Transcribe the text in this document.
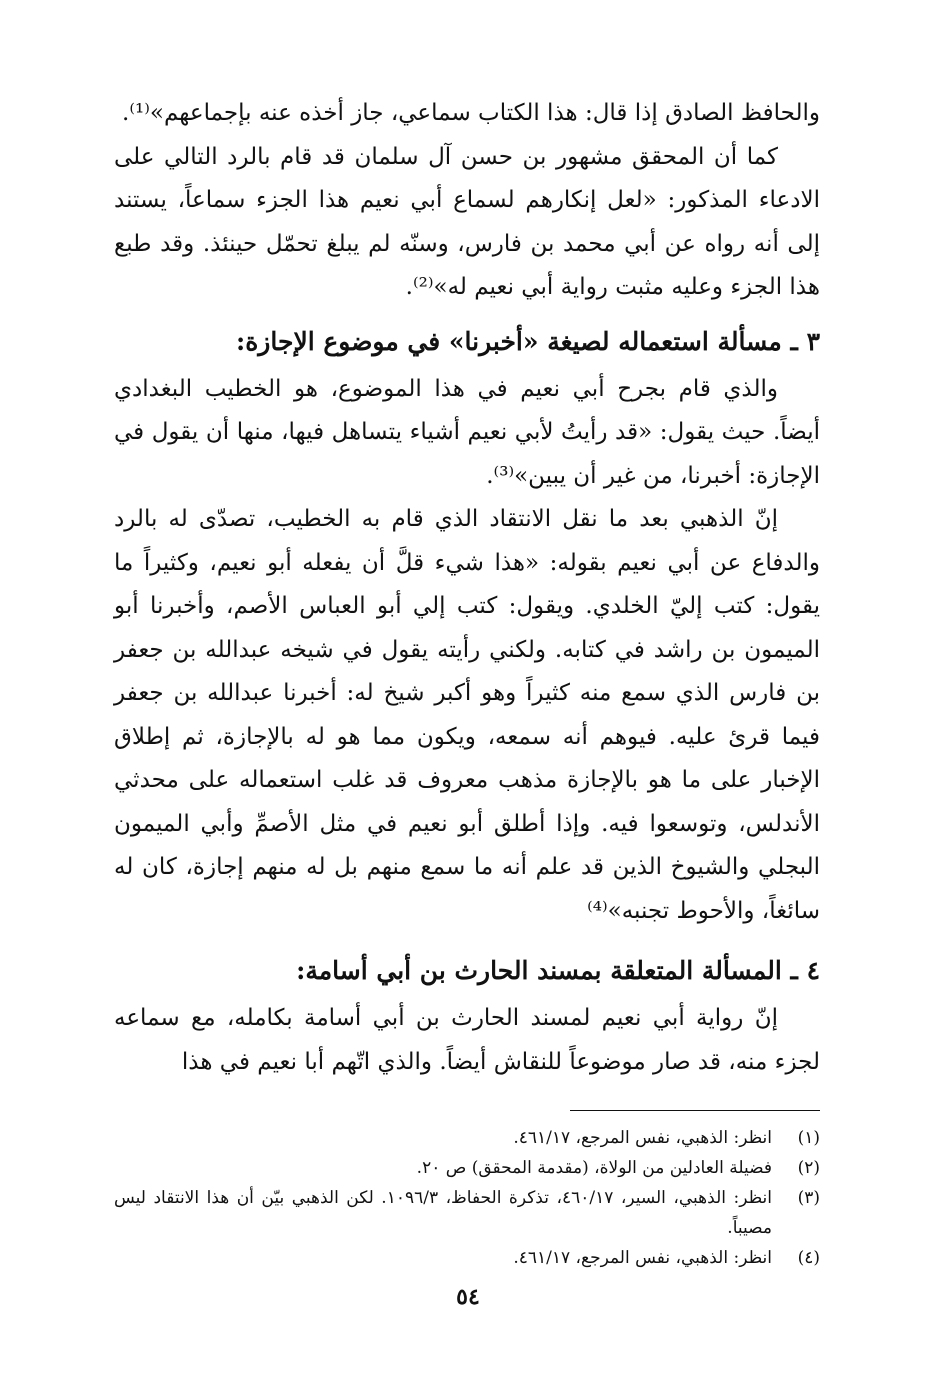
والحافظ الصادق إذا قال: هذا الكتاب سماعي، جاز أخذه عنه بإجماعهم»⁽¹⁾.

كما أن المحقق مشهور بن حسن آل سلمان قد قام بالرد التالي على الادعاء المذكور: «لعل إنكارهم لسماع أبي نعيم هذا الجزء سماعاً، يستند إلى أنه رواه عن أبي محمد بن فارس، وسنّه لم يبلغ تحمّل حينئذ. وقد طبع هذا الجزء وعليه مثبت رواية أبي نعيم له»⁽²⁾.

٣ ـ مسألة استعماله لصيغة «أخبرنا» في موضوع الإجازة:

والذي قام بجرح أبي نعيم في هذا الموضوع، هو الخطيب البغدادي أيضاً. حيث يقول: «قد رأيتُ لأبي نعيم أشياء يتساهل فيها، منها أن يقول في الإجازة: أخبرنا، من غير أن يبين»⁽³⁾.

إنّ الذهبي بعد ما نقل الانتقاد الذي قام به الخطيب، تصدّى له بالرد والدفاع عن أبي نعيم بقوله: «هذا شيء قلَّ أن يفعله أبو نعيم، وكثيراً ما يقول: كتب إليّ الخلدي. ويقول: كتب إلي أبو العباس الأصم، وأخبرنا أبو الميمون بن راشد في كتابه. ولكني رأيته يقول في شيخه عبدالله بن جعفر بن فارس الذي سمع منه كثيراً وهو أكبر شيخ له: أخبرنا عبدالله بن جعفر فيما قرئ عليه. فيوهم أنه سمعه، ويكون مما هو له بالإجازة، ثم إطلاق الإخبار على ما هو بالإجازة مذهب معروف قد غلب استعماله على محدثي الأندلس، وتوسعوا فيه. وإذا أطلق أبو نعيم في مثل الأصمِّ وأبي الميمون البجلي والشيوخ الذين قد علم أنه ما سمع منهم بل له منهم إجازة، كان له سائغاً، والأحوط تجنبه»⁽⁴⁾

٤ ـ المسألة المتعلقة بمسند الحارث بن أبي أسامة:

إنّ رواية أبي نعيم لمسند الحارث بن أبي أسامة بكامله، مع سماعه لجزء منه، قد صار موضوعاً للنقاش أيضاً. والذي اتّهم أبا نعيم في هذا

(١)
انظر: الذهبي، نفس المرجع، ٤٦١/١٧.
(٢)
فضيلة العادلين من الولاة، (مقدمة المحقق) ص ٢٠.
(٣)
انظر: الذهبي، السير، ٤٦٠/١٧، تذكرة الحفاظ، ١٠٩٦/٣. لكن الذهبي بيّن أن هذا الانتقاد ليس مصيباً.
(٤)
انظر: الذهبي، نفس المرجع، ٤٦١/١٧.
٥٤
